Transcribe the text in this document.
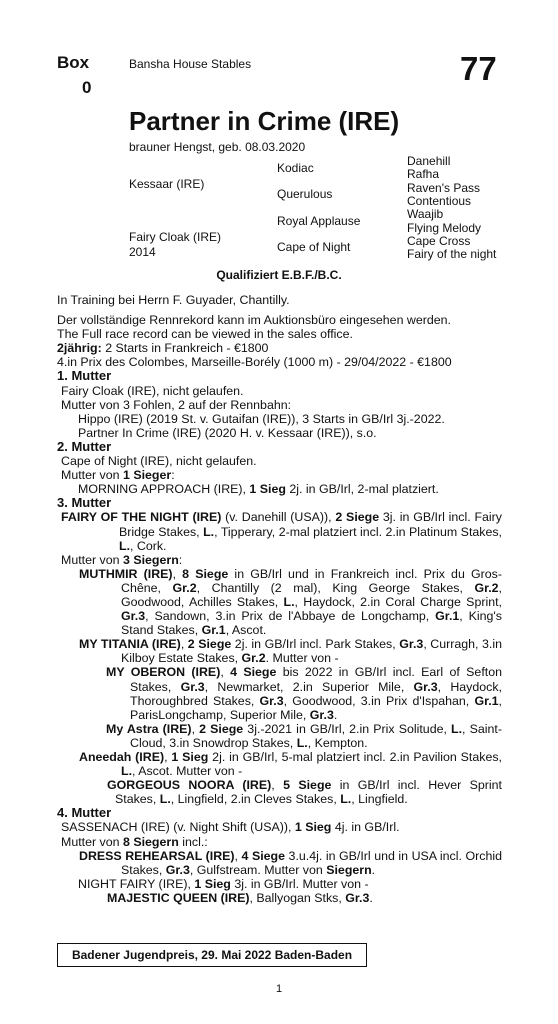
Box
0
Bansha House Stables	77
Partner in Crime (IRE)
brauner Hengst, geb. 08.03.2020
Kessaar (IRE)
Fairy Cloak (IRE)
2014
Kodiac
Querulous
Royal Applause
Cape of Night
Danehill
Rafha
Raven's Pass
Contentious
Waajib
Flying Melody
Cape Cross
Fairy of the night
Qualifiziert E.B.F./B.C.

In Training bei Herrn F. Guyader, Chantilly.

Der vollständige Rennrekord kann im Auktionsbüro eingesehen werden.

The Full race record can be viewed in the sales office.

2jährig: 2 Starts in Frankreich - €1800

4.in Prix des Colombes, Marseille-Borély (1000 m) - 29/04/2022 - €1800

1. Mutter

Fairy Cloak (IRE), nicht gelaufen.

Mutter von 3 Fohlen, 2 auf der Rennbahn:

Hippo (IRE) (2019 St. v. Gutaifan (IRE)), 3 Starts in GB/Irl 3j.-2022.

Partner In Crime (IRE) (2020 H. v. Kessaar (IRE)), s.o.

2. Mutter

Cape of Night (IRE), nicht gelaufen.

Mutter von 1 Sieger:

MORNING APPROACH (IRE), 1 Sieg 2j. in GB/Irl, 2-mal platziert.

3. Mutter

FAIRY OF THE NIGHT (IRE) (v. Danehill (USA)), 2 Siege 3j. in GB/Irl incl. Fairy Bridge Stakes, L., Tipperary, 2-mal platziert incl. 2.in Platinum Stakes, L., Cork.

Mutter von 3 Siegern:

MUTHMIR (IRE), 8 Siege in GB/Irl und in Frankreich incl. Prix du Gros-Chêne, Gr.2, Chantilly (2 mal), King George Stakes, Gr.2, Goodwood, Achilles Stakes, L., Haydock, 2.in Coral Charge Sprint, Gr.3, Sandown, 3.in Prix de l'Abbaye de Longchamp, Gr.1, King's Stand Stakes, Gr.1, Ascot.

MY TITANIA (IRE), 2 Siege 2j. in GB/Irl incl. Park Stakes, Gr.3, Curragh, 3.in Kilboy Estate Stakes, Gr.2. Mutter von -

MY OBERON (IRE), 4 Siege bis 2022 in GB/Irl incl. Earl of Sefton Stakes, Gr.3, Newmarket, 2.in Superior Mile, Gr.3, Haydock, Thoroughbred Stakes, Gr.3, Goodwood, 3.in Prix d'Ispahan, Gr.1, ParisLongchamp, Superior Mile, Gr.3.

My Astra (IRE), 2 Siege 3j.-2021 in GB/Irl, 2.in Prix Solitude, L., Saint-Cloud, 3.in Snowdrop Stakes, L., Kempton.

Aneedah (IRE), 1 Sieg 2j. in GB/Irl, 5-mal platziert incl. 2.in Pavilion Stakes, L., Ascot. Mutter von -

GORGEOUS NOORA (IRE), 5 Siege in GB/Irl incl. Hever Sprint Stakes, L., Lingfield, 2.in Cleves Stakes, L., Lingfield.

4. Mutter

SASSENACH (IRE) (v. Night Shift (USA)), 1 Sieg 4j. in GB/Irl.

Mutter von 8 Siegern incl.:

DRESS REHEARSAL (IRE), 4 Siege 3.u.4j. in GB/Irl und in USA incl. Orchid Stakes, Gr.3, Gulfstream. Mutter von Siegern.

NIGHT FAIRY (IRE), 1 Sieg 3j. in GB/Irl. Mutter von -

MAJESTIC QUEEN (IRE), Ballyogan Stks, Gr.3.

Badener Jugendpreis, 29. Mai 2022 Baden-Baden
1
